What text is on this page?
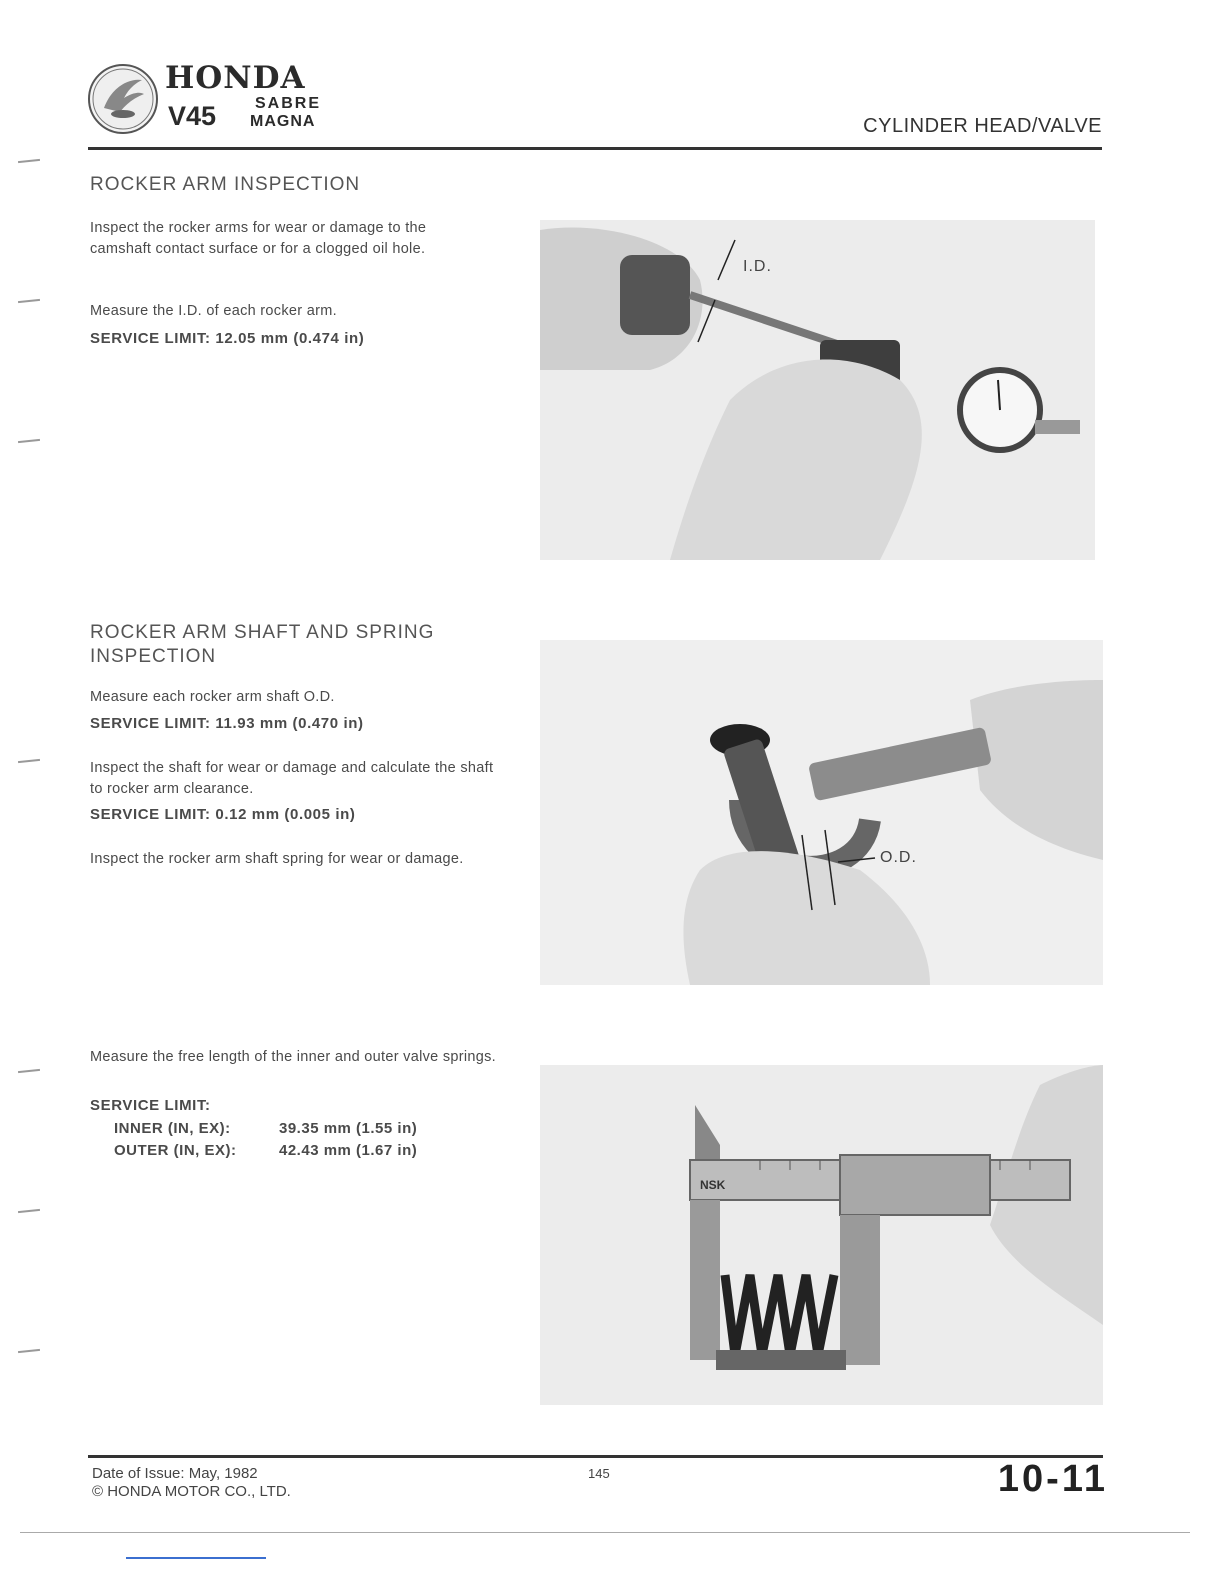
HONDA
V45 SABRE
MAGNA	CYLINDER HEAD/VALVE
ROCKER ARM INSPECTION
Inspect the rocker arms for wear or damage to the camshaft contact surface or for a clogged oil hole.
Measure the I.D. of each rocker arm.
SERVICE LIMIT: 12.05 mm (0.474 in)
I.D.
ROCKER ARM SHAFT AND SPRING
INSPECTION
Measure each rocker arm shaft O.D.
SERVICE LIMIT: 11.93 mm (0.470 in)
Inspect the shaft for wear or damage and calculate the shaft to rocker arm clearance.
SERVICE LIMIT: 0.12 mm (0.005 in)
Inspect the rocker arm shaft spring for wear or damage.	O.D.
Measure the free length of the inner and outer valve springs.
SERVICE LIMIT:
INNER (IN, EX):	39.35 mm (1.55 in)
OUTER (IN, EX):	42.43 mm (1.67 in)
NSK
Date of Issue: May, 1982
© HONDA MOTOR CO., LTD.
145	10-11
